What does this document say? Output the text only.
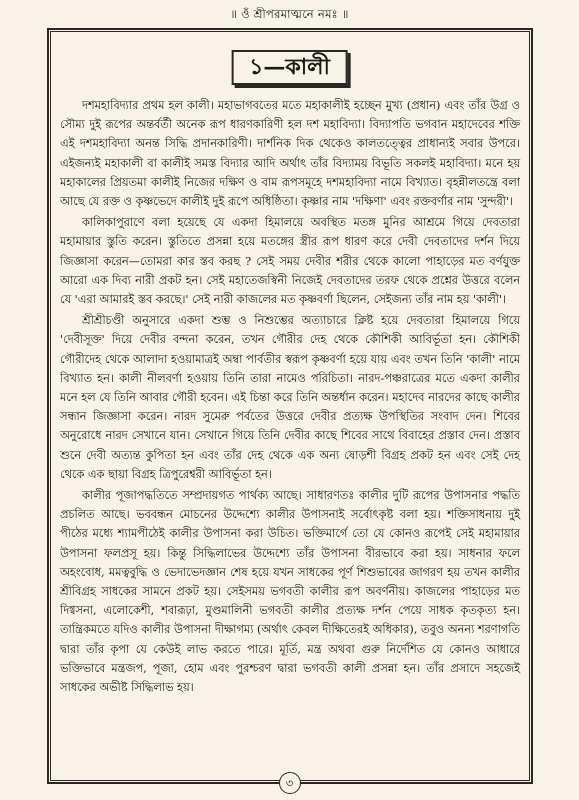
॥ ওঁ শ্রীপরমাত্মনে নমঃ ॥
১—কালী

দশমহাবিদ্যার প্রথম হল কালী। মহাভাগবতের মতে মহাকালীই হচ্ছেন মুখ্য (প্রধান) এবং তাঁর উগ্র ও সৌম্য দুই রূপের অন্তর্বর্তী অনেক রূপ ধারণকারিণী হল দশ মহাবিদ্যা। বিদ্যাপতি ভগবান মহাদেবের শক্তি এই দশমহাবিদ্যা অনন্ত সিদ্ধি প্রদানকারিণী। দার্শনিক দিক থেকেও কালতত্ত্বের প্রাধান্যই সবার উপরে। এইজন্যই মহাকালী বা কালীই সমস্ত বিদ্যার আদি অর্থাৎ তাঁর বিদ্যাময় বিভূতি সকলই মহাবিদ্যা। মনে হয় মহাকালের প্রিয়তমা কালীই নিজের দক্ষিণ ও বাম রূপসমূহে দশমহাবিদ্যা নামে বিখ্যাত। বৃহন্নীলতন্ত্রে বলা আছে যে রক্ত ও কৃষ্ণভেদে কালীই দুই রূপে অধিষ্ঠিতা। কৃষ্ণার নাম 'দক্ষিণা' এবং রক্তবর্ণার নাম 'সুন্দরী'।

কালিকাপুরাণে বলা হয়েছে যে একদা হিমালয়ে অবস্থিত মতঙ্গ মুনির আশ্রমে গিয়ে দেবতারা মহামায়ার স্তুতি করেন। স্তুতিতে প্রসন্না হয়ে মতঙ্গের স্ত্রীর রূপ ধারণ করে দেবী দেবতাদের দর্শন দিয়ে জিজ্ঞাসা করেন—তোমরা কার স্তব করছ ? সেই সময় দেবীর শরীর থেকে কালো পাহাড়ের মত বর্ণযুক্ত আরো এক দিব্য নারী প্রকট হন। সেই মহাতেজস্বিনী নিজেই দেবতাদের তরফ থেকে প্রশ্নের উত্তরে বলেন যে 'এরা আমারই স্তব করছে।' সেই নারী কাজলের মত কৃষ্ণবর্ণা ছিলেন, সেইজন্য তাঁর নাম হয় 'কালী'।

শ্রীশ্রীচণ্ডী অনুসারে একদা শুম্ভ ও নিশুম্ভের অত্যাচারে ক্লিষ্ট হয়ে দেবতারা হিমালয়ে গিয়ে 'দেবীসূক্ত' দিয়ে দেবীর বন্দনা করেন, তখন গৌরীর দেহ থেকে কৌশিকী আবির্ভূতা হন। কৌশিকী গৌরীদেহ থেকে আলাদা হওয়ামাত্রই অম্বা পার্বতীর স্বরূপ কৃষ্ণবর্ণা হয়ে যায় এবং তখন তিনি 'কালী' নামে বিখ্যাত হন। কালী নীলবর্ণা হওয়ায় তিনি তারা নামেও পরিচিতা। নারদ-পঞ্চরাত্রের মতে একদা কালীর মনে হল যে তিনি আবার গৌরী হবেন। এই চিন্তা করে তিনি অন্তর্ধান করেন। মহাদেব নারদের কাছে কালীর সন্ধান জিজ্ঞাসা করেন। নারদ সুমেরু পর্বতের উত্তরে দেবীর প্রত্যক্ষ উপস্থিতির সংবাদ দেন। শিবের অনুরোধে নারদ সেখানে যান। সেখানে গিয়ে তিনি দেবীর কাছে শিবের সাথে বিবাহের প্রস্তাব দেন। প্রস্তাব শুনে দেবী অত্যন্ত কুপিতা হন এবং তাঁর দেহ থেকে এক অন্য ষোড়শী বিগ্রহ প্রকট হন এবং সেই দেহ থেকে এক ছায়া বিগ্রহ ত্রিপুরেশ্বরী আবির্ভূতা হন।

কালীর পূজাপদ্ধতিতে সম্প্রদায়গত পার্থক্য আছে। সাধারণতঃ কালীর দুটি রূপের উপাসনার পদ্ধতি প্রচলিত আছে। ভববন্ধন মোচনের উদ্দেশ্যে কালীর উপাসনাই সর্বোৎকৃষ্ট বলা হয়। শক্তিসাধনায় দুই পীঠের মধ্যে শ্যামপীঠেই কালীর উপাসনা করা উচিত। ভক্তিমার্গে তো যে কোনও রূপেই সেই মহামায়ার উপাসনা ফলপ্রসূ হয়। কিন্তু সিদ্ধিলাভের উদ্দেশ্যে তাঁর উপাসনা বীরভাবে করা হয়। সাধনার ফলে অহংবোধ, মমত্ববুদ্ধি ও ভেদাভেদজ্ঞান শেষ হয়ে যখন সাধকের পূর্ণ শিশুভাবের জাগরণ হয় তখন কালীর শ্রীবিগ্রহ সাধকের সামনে প্রকট হয়। সেইসময় ভগবতী কালীর রূপ অবর্ণনীয়। কাজলের পাহাড়ের মত দিগ্বসনা, এলোকেশী, শবারূঢ়া, মুণ্ডমালিনী ভগবতী কালীর প্রত্যক্ষ দর্শন পেয়ে সাধক কৃতকৃত্য হন। তান্ত্রিকমতে যদিও কালীর উপাসনা দীক্ষাগম্য (অর্থাৎ কেবল দীক্ষিতেরই অধিকার), তবুও অনন্য শরণাগতি দ্বারা তাঁর কৃপা যে কেউই লাভ করতে পারে। মূর্তি, মন্ত্র অথবা গুরু নির্দেশিত যে কোনও আধারে ভক্তিভাবে মন্ত্রজপ, পূজা, হোম এবং পুরশ্চরণ দ্বারা ভগবতী কালী প্রসন্না হন। তাঁর প্রসাদে সহজেই সাধকের অভীষ্ট সিদ্ধিলাভ হয়।

৩
